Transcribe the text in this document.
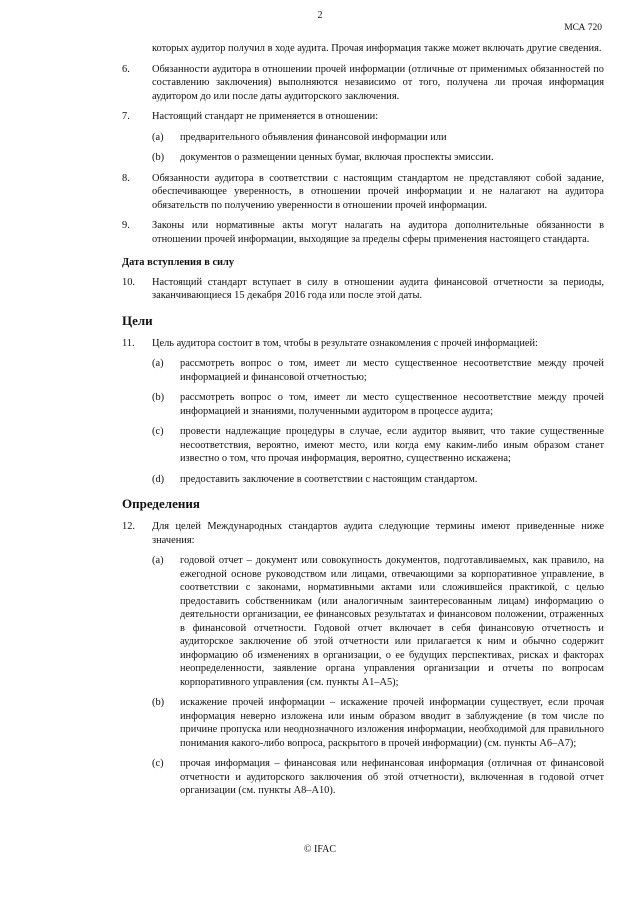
2
МСА 720
которых аудитор получил в ходе аудита. Прочая информация также может включать другие сведения.
6.	Обязанности аудитора в отношении прочей информации (отличные от применимых обязанностей по составлению заключения) выполняются независимо от того, получена ли прочая информация аудитором до или после даты аудиторского заключения.
7.	Настоящий стандарт не применяется в отношении:
(a) предварительного объявления финансовой информации или
(b) документов о размещении ценных бумаг, включая проспекты эмиссии.
8.	Обязанности аудитора в соответствии с настоящим стандартом не представляют собой задание, обеспечивающее уверенность, в отношении прочей информации и не налагают на аудитора обязательств по получению уверенности в отношении прочей информации.
9.	Законы или нормативные акты могут налагать на аудитора дополнительные обязанности в отношении прочей информации, выходящие за пределы сферы применения настоящего стандарта.
Дата вступления в силу
10.	Настоящий стандарт вступает в силу в отношении аудита финансовой отчетности за периоды, заканчивающиеся 15 декабря 2016 года или после этой даты.
Цели
11.	Цель аудитора состоит в том, чтобы в результате ознакомления с прочей информацией:
(a) рассмотреть вопрос о том, имеет ли место существенное несоответствие между прочей информацией и финансовой отчетностью;
(b) рассмотреть вопрос о том, имеет ли место существенное несоответствие между прочей информацией и знаниями, полученными аудитором в процессе аудита;
(c) провести надлежащие процедуры в случае, если аудитор выявит, что такие существенные несоответствия, вероятно, имеют место, или когда ему каким-либо иным образом станет известно о том, что прочая информация, вероятно, существенно искажена;
(d) предоставить заключение в соответствии с настоящим стандартом.
Определения
12.	Для целей Международных стандартов аудита следующие термины имеют приведенные ниже значения:
(a) годовой отчет – документ или совокупность документов, подготавливаемых, как правило, на ежегодной основе руководством или лицами, отвечающими за корпоративное управление, в соответствии с законами, нормативными актами или сложившейся практикой, с целью предоставить собственникам (или аналогичным заинтересованным лицам) информацию о деятельности организации, ее финансовых результатах и финансовом положении, отраженных в финансовой отчетности. Годовой отчет включает в себя финансовую отчетность и аудиторское заключение об этой отчетности или прилагается к ним и обычно содержит информацию об изменениях в организации, о ее будущих перспективах, рисках и факторах неопределенности, заявление органа управления организации и отчеты по вопросам корпоративного управления (см. пункты А1–А5);
(b) искажение прочей информации – искажение прочей информации существует, если прочая информация неверно изложена или иным образом вводит в заблуждение (в том числе по причине пропуска или неоднозначного изложения информации, необходимой для правильного понимания какого-либо вопроса, раскрытого в прочей информации) (см. пункты А6–А7);
(c) прочая информация – финансовая или нефинансовая информация (отличная от финансовой отчетности и аудиторского заключения об этой отчетности), включенная в годовой отчет организации (см. пункты А8–А10).
© IFAC
